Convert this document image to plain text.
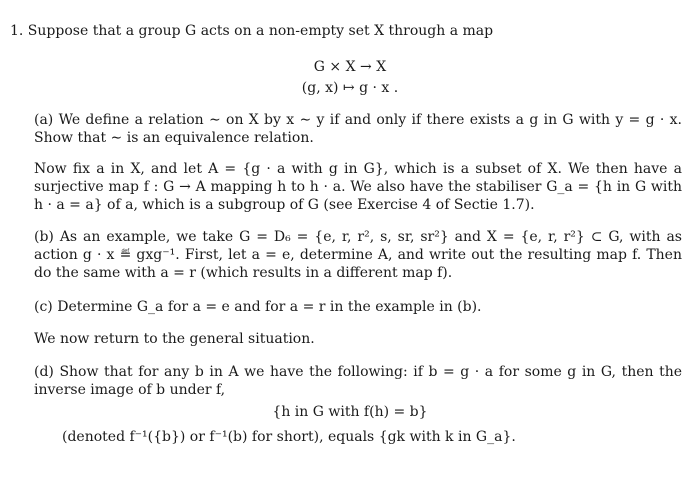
1. Suppose that a group G acts on a non-empty set X through a map
G × X → X
(g, x) ↦ g · x .
(a) We define a relation ∼ on X by x ∼ y if and only if there exists a g in G with y = g · x. Show that ∼ is an equivalence relation.
Now fix a in X, and let A = {g · a with g in G}, which is a subset of X. We then have a surjective map f : G → A mapping h to h · a. We also have the stabiliser G_a = {h in G with h · a = a} of a, which is a subgroup of G (see Exercise 4 of Sectie 1.7).
(b) As an example, we take G = D₆ = {e, r, r², s, sr, sr²} and X = {e, r, r²} ⊂ G, with as action g · x ≝ gxg⁻¹. First, let a = e, determine A, and write out the resulting map f. Then do the same with a = r (which results in a different map f).
(c) Determine G_a for a = e and for a = r in the example in (b).
We now return to the general situation.
(d) Show that for any b in A we have the following: if b = g · a for some g in G, then the inverse image of b under f,
{h in G with f(h) = b}
(denoted f⁻¹({b}) or f⁻¹(b) for short), equals {gk with k in G_a}.
